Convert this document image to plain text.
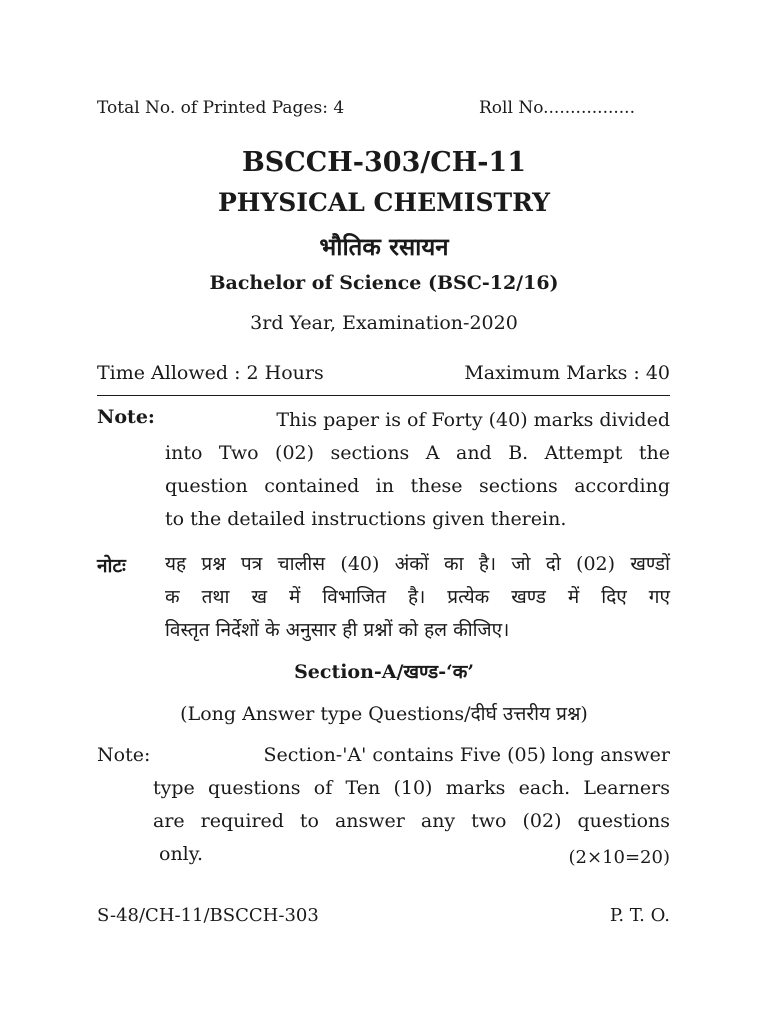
Total No. of Printed Pages: 4	Roll No.................
BSCCH-303/CH-11
PHYSICAL CHEMISTRY
भौतिक रसायन
Bachelor of Science (BSC-12/16)
3rd Year, Examination-2020
Time Allowed : 2 Hours	Maximum Marks : 40
Note:	This paper is of Forty (40) marks divided
into Two (02) sections A and B. Attempt the
question contained in these sections according
to the detailed instructions given therein.
नोटः यह प्रश्न पत्र चालीस (40) अंकों का है। जो दो (02) खण्डों
क तथा ख में विभाजित है। प्रत्येक खण्ड में दिए गए
विस्तृत निर्देशों के अनुसार ही प्रश्नों को हल कीजिए।
Section-A/खण्ड-‘क’
(Long Answer type Questions/दीर्घ उत्तरीय प्रश्न)
Note:	Section-'A' contains Five (05) long answer
type questions of Ten (10) marks each. Learners
are required to answer any two (02) questions
only.	(2×10=20)
S-48/CH-11/BSCCH-303	P. T. O.
